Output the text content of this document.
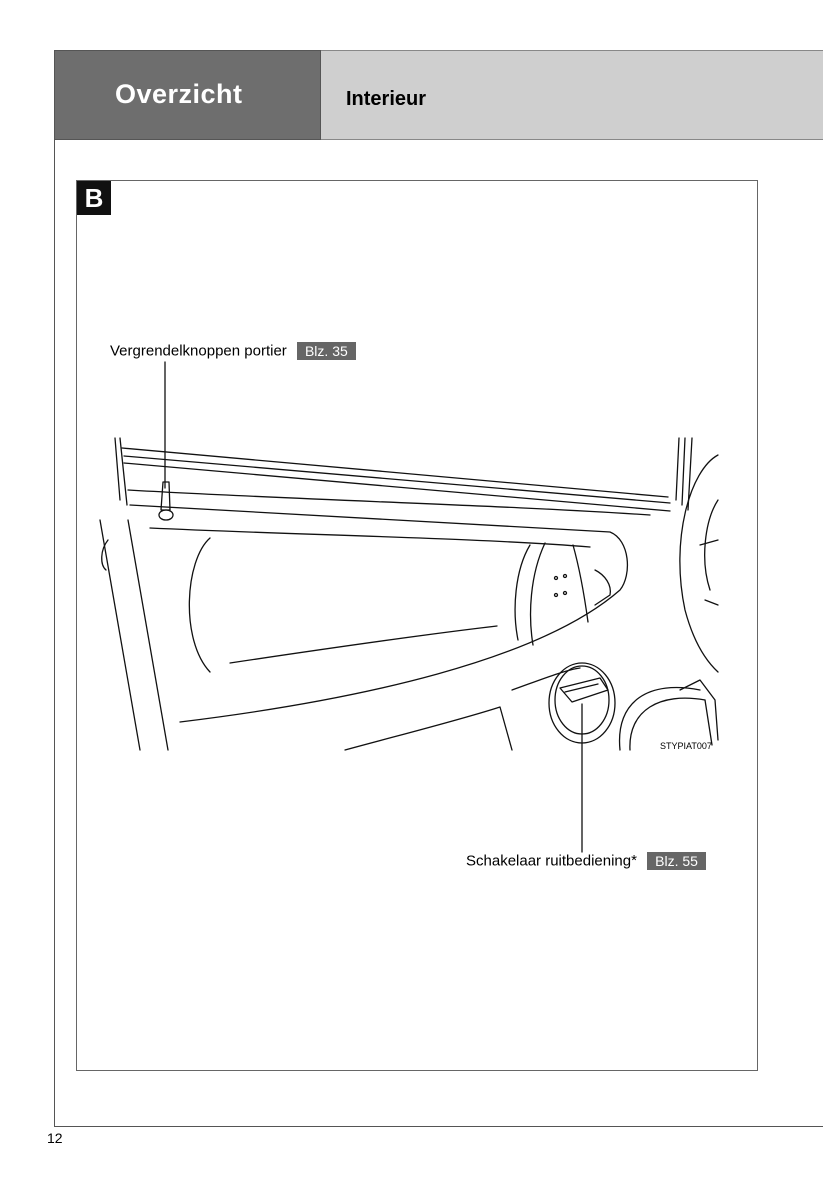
Overzicht	Interieur
12
B
STYPIAT007
Vergrendelknoppen portier Blz. 35
Schakelaar ruitbediening* Blz. 55
